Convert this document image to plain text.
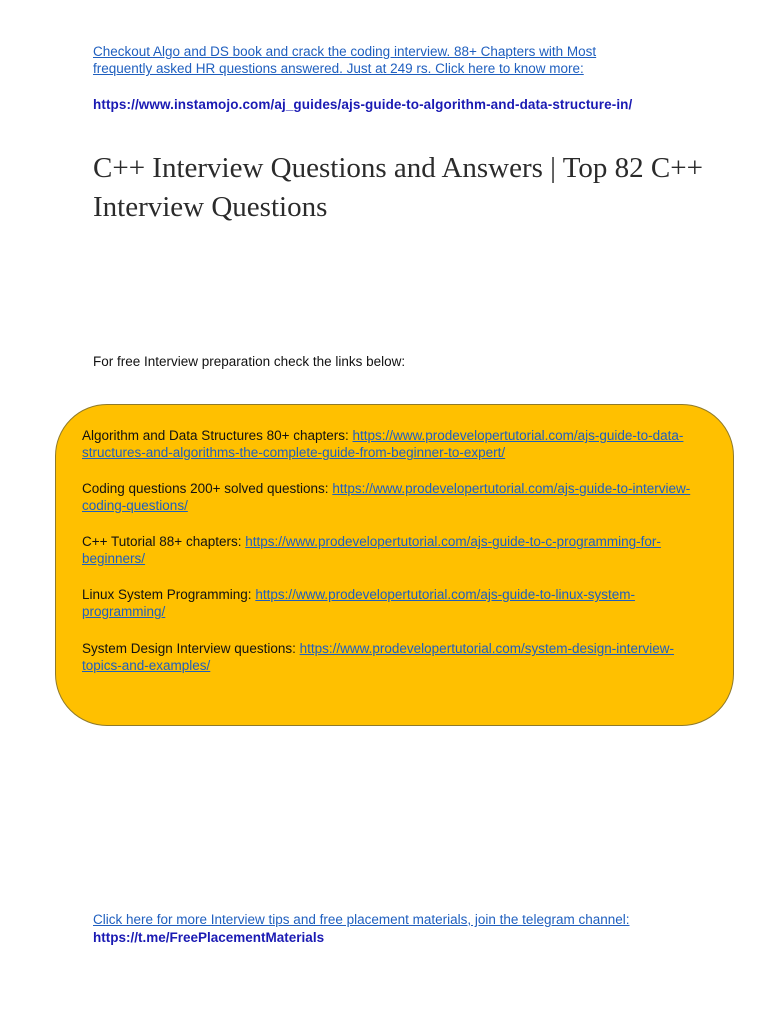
Checkout Algo and DS book and crack the coding interview. 88+ Chapters with Most frequently asked HR questions answered. Just at 249 rs. Click here to know more:
https://www.instamojo.com/aj_guides/ajs-guide-to-algorithm-and-data-structure-in/
C++ Interview Questions and Answers | Top 82 C++ Interview Questions
For free Interview preparation check the links below:
Algorithm and Data Structures 80+ chapters: https://www.prodevelopertutorial.com/ajs-guide-to-data-structures-and-algorithms-the-complete-guide-from-beginner-to-expert/
Coding questions 200+ solved questions: https://www.prodevelopertutorial.com/ajs-guide-to-interview-coding-questions/
C++ Tutorial 88+ chapters: https://www.prodevelopertutorial.com/ajs-guide-to-c-programming-for-beginners/
Linux System Programming: https://www.prodevelopertutorial.com/ajs-guide-to-linux-system-programming/
System Design Interview questions: https://www.prodevelopertutorial.com/system-design-interview-topics-and-examples/
Click here for more Interview tips and free placement materials, join the telegram channel:
https://t.me/FreePlacementMaterials
